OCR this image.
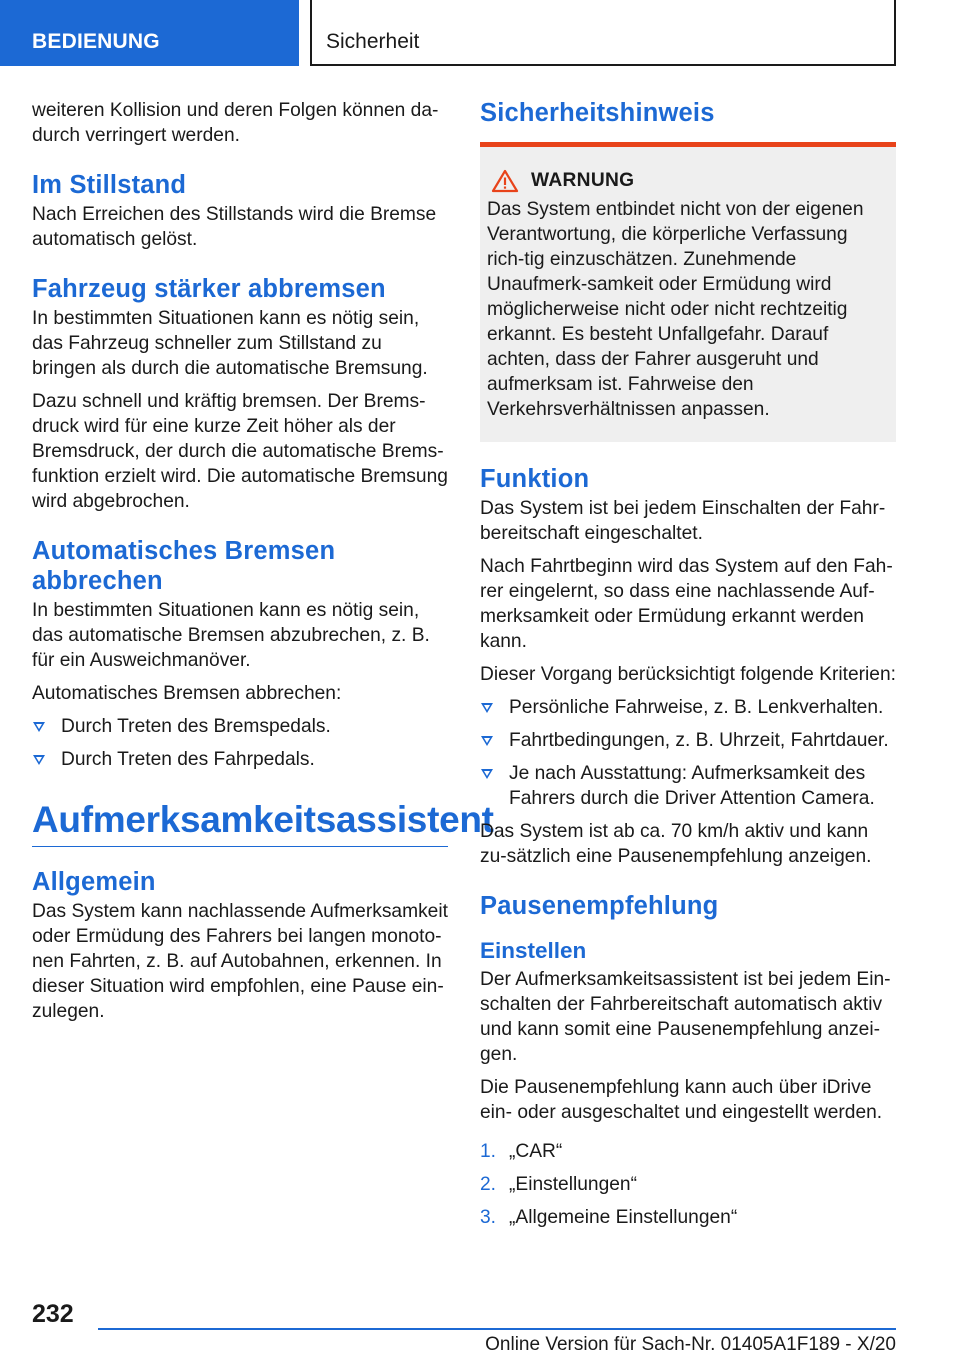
BEDIENUNG	Sicherheit

weiteren Kollision und deren Folgen können da-
durch verringert werden.

Im Stillstand

Nach Erreichen des Stillstands wird die Bremse automatisch gelöst.

Fahrzeug stärker abbremsen

In bestimmten Situationen kann es nötig sein, das Fahrzeug schneller zum Stillstand zu bringen als durch die automatische Bremsung.

Dazu schnell und kräftig bremsen. Der Brems-druck wird für eine kurze Zeit höher als der Bremsdruck, der durch die automatische Brems-funktion erzielt wird. Die automatische Bremsung wird abgebrochen.

Automatisches Bremsen abbrechen

In bestimmten Situationen kann es nötig sein, das automatische Bremsen abzubrechen, z. B. für ein Ausweichmanöver.

Automatisches Bremsen abbrechen:

Durch Treten des Bremspedals.
Durch Treten des Fahrpedals.
Aufmerksamkeitsassistent
Allgemein

Das System kann nachlassende Aufmerksamkeit oder Ermüdung des Fahrers bei langen monoto-nen Fahrten, z. B. auf Autobahnen, erkennen. In dieser Situation wird empfohlen, eine Pause ein-zulegen.

Sicherheitshinweis
WARNUNG

Das System entbindet nicht von der eigenen Verantwortung, die körperliche Verfassung rich-tig einzuschätzen. Zunehmende Unaufmerk-samkeit oder Ermüdung wird möglicherweise nicht oder nicht rechtzeitig erkannt. Es besteht Unfallgefahr. Darauf achten, dass der Fahrer ausgeruht und aufmerksam ist. Fahrweise den Verkehrsverhältnissen anpassen.

Funktion

Das System ist bei jedem Einschalten der Fahr-bereitschaft eingeschaltet.

Nach Fahrtbeginn wird das System auf den Fah-rer eingelernt, so dass eine nachlassende Auf-merksamkeit oder Ermüdung erkannt werden kann.

Dieser Vorgang berücksichtigt folgende Kriterien:

Persönliche Fahrweise, z. B. Lenkverhalten.
Fahrtbedingungen, z. B. Uhrzeit, Fahrtdauer.
Je nach Ausstattung: Aufmerksamkeit des Fahrers durch die Driver Attention Camera.

Das System ist ab ca. 70 km/h aktiv und kann zu-sätzlich eine Pausenempfehlung anzeigen.

Pausenempfehlung
Einstellen

Der Aufmerksamkeitsassistent ist bei jedem Ein-schalten der Fahrbereitschaft automatisch aktiv und kann somit eine Pausenempfehlung anzei-gen.

Die Pausenempfehlung kann auch über iDrive ein- oder ausgeschaltet und eingestellt werden.

1. „CAR“
2. „Einstellungen“
3. „Allgemeine Einstellungen“
232
Online Version für Sach-Nr. 01405A1F189 - X/20
